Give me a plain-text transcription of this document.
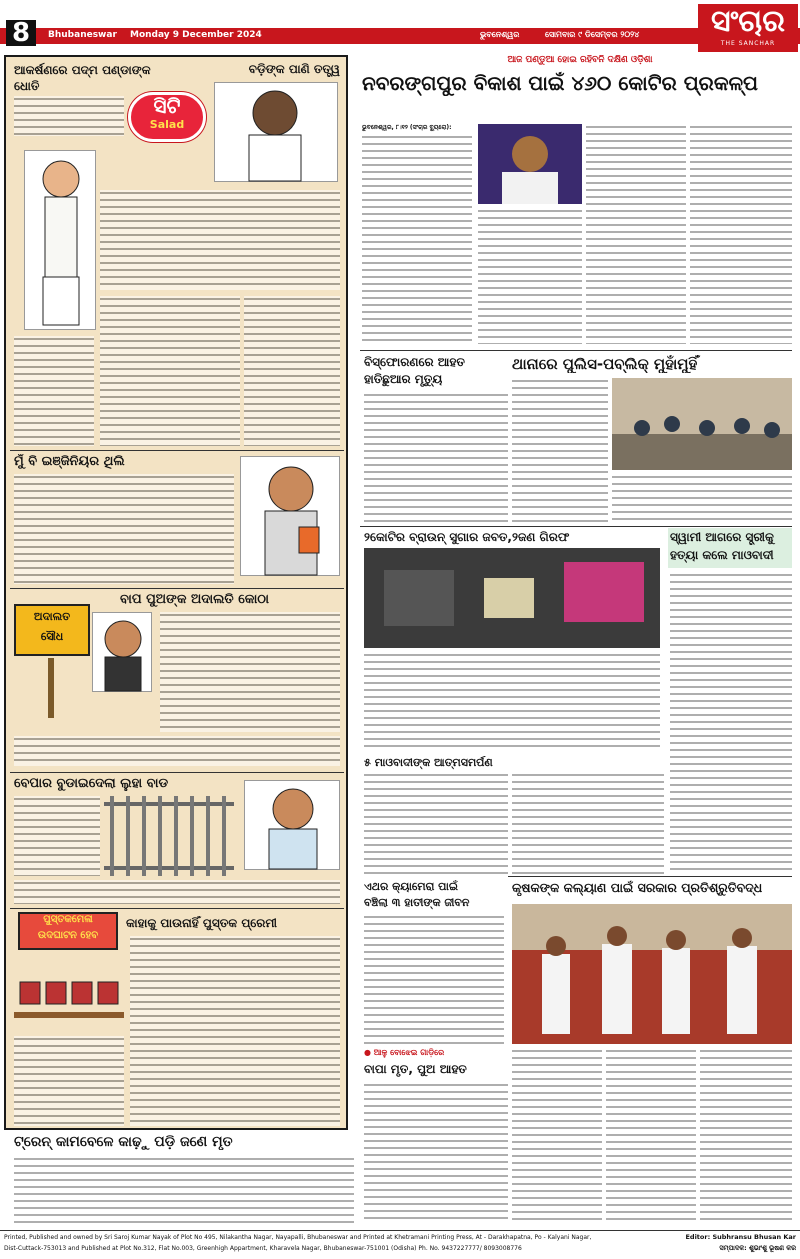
8	Bhubaneswar Monday 9 December 2024	ଭୁବନେଶ୍ୱର	ସୋମବାର ୯ ଡିସେମ୍ବର ୨୦୨୪	ସଂଚାର
THE SANCHAR
ଆକର୍ଷଣରେ ପଦ୍ମ ପଣ୍ଡାଙ୍କ ଧୋତି
ବଡ଼ିଙ୍କ ପାଣି ତତ୍ତ୍ୱ
ସିଟି
Salad
ମୁଁ ବି ଇଞ୍ଜିନିୟର ଥିଲି
ବାପ ପୁଅଙ୍କ ଅଦାଲତି କୋଠା
ଅଦାଲତ
ସୌଧ
ବେପାର ବୁଡାଇଦେଲା ଲୁହା ବାଡ
ପୁସ୍ତକମେଳା
ଉଦଘାଟନ ହେବ
କାହାକୁ ପାଉନାହିଁ ପୁସ୍ତକ ପ୍ରେମୀ
ଟ୍ରେନ୍ କାମବେଳେ କାଢ଼ୁ ପଡ଼ି ଜଣେ ମୃତ
ଆଜ ପଣ୍ଡୁଆ ହୋଇ ରହିବନି ଦକ୍ଷିଣ ଓଡ଼ିଶା
ନବରଙ୍ଗପୁର ବିକାଶ ପାଇଁ ୪୬୦ କୋଟିର ପ୍ରକଳ୍ପ
ଭୁବନେଶ୍ୱର, ୮।୧୨ (ସଂଚାର ବ୍ୟୁରୋ):
ବିସ୍ଫୋରଣରେ ଆହତ
ହାତିଛୁଆର ମୃତ୍ୟୁ
ଥାନାରେ ପୁଲିସ-ପବ୍ଲିକ୍ ମୁହାଁମୁହିଁ
୨କୋଟିର ବ୍ରାଉନ୍ ସୁଗାର ଜବତ,୨ଜଣ ଗିରଫ	ସ୍ୱାମୀ ଆଗରେ ସ୍ତ୍ରୀକୁ
ହତ୍ୟା କଲେ ମାଓବାଦୀ
୫ ମାଓବାଦୀଙ୍କ ଆତ୍ମସମର୍ପଣ
ଏଥର କ୍ୟାମେରା ପାଇଁ
ବଞ୍ଚିଲା ୩ ହାତୀଙ୍କ ଜୀବନ
କୃଷକଙ୍କ କଲ୍ୟାଣ ପାଇଁ ସରକାର ପ୍ରତିଶ୍ରୁତିବଦ୍ଧ
● ଆଳୁ ବୋଝେଇ ଗାଡ଼ିରେ
ବାପା ମୃତ, ପୁଅ ଆହତ
Printed, Published and owned by Sri Saroj Kumar Nayak of Plot No 495, Nilakantha Nagar, Nayapalli, Bhubaneswar and Printed at Khetramani Printing Press, At - Darakhapatna, Po - Kalyani Nagar,
Dist-Cuttack-753013 and Published at Plot No.312, Flat No.003, Greenhigh Appartment, Kharavela Nagar, Bhubaneswar-751001 (Odisha) Ph. No. 9437227777/ 8093008776
Editor: Subhransu Bhusan Kar
ସମ୍ପାଦକ: ଶୁଭାଂଶୁ ଭୂଷଣ କର
